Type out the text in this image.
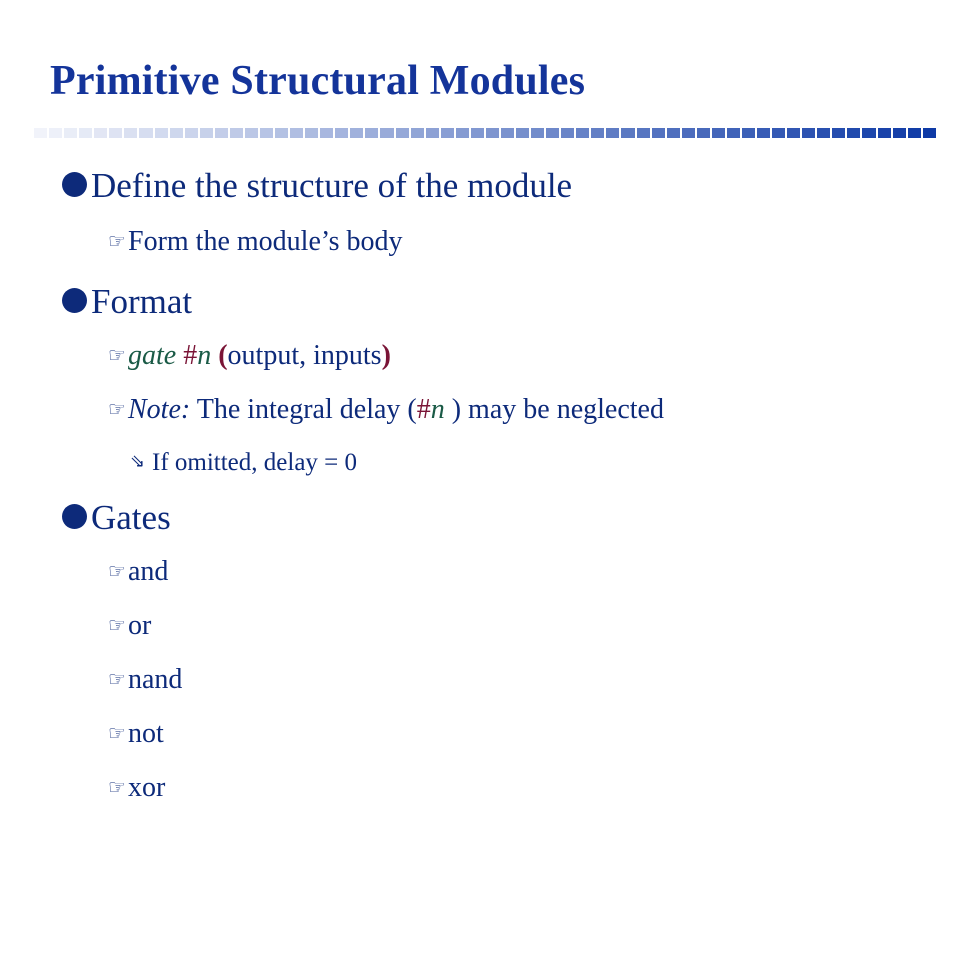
Primitive Structural Modules
Define the structure of the module
☞Form the module’s body
Format
☞gate #n (output, inputs)
☞Note: The integral delay (#n ) may be neglected
⇘ If omitted, delay = 0
Gates
☞and
☞or
☞nand
☞not
☞xor
